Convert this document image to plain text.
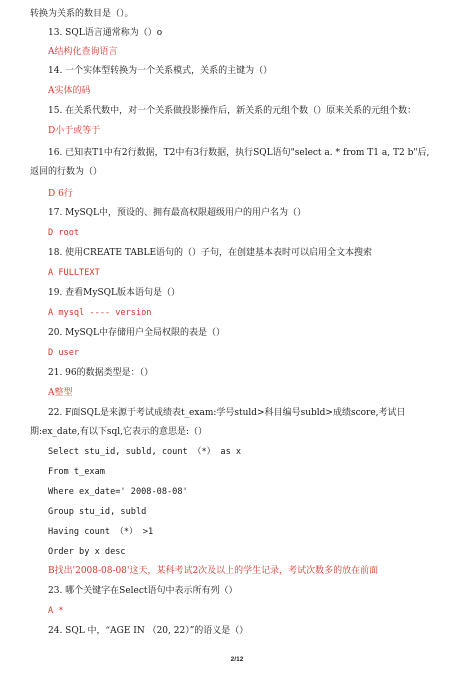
转换为关系的数目是（）。
13. SQL语言通常称为（）o
A结构化查询语言
14. 一个实体型转换为一个关系模式，关系的主键为（）
A实体的码
15. 在关系代数中，对一个关系做投影操作后，新关系的元组个数（）原来关系的元组个数：
D小于或等于
16. 已知表T1中有2行数据，T2中有3行数据，执行SQL语句"select a. * from T1 a, T2 b"后,
返回的行数为（）
D 6行
17. MySQL中，预设的、拥有最高权限超级用户的用户名为（）
D root
18. 使用CREATE TABLE语句的（）子句，在创建基本表时可以启用全文本搜索
A FULLTEXT
19. 查看MySQL版本语句是（）
A mysql ---- version
20. MySQL中存储用户全局权限的表是（）
D user
21. 96的数据类型是：（）
A整型
22. F面SQL是来源于考试成绩表t_exam:学号stuld>科目编号subld>成绩score,考试日
期:ex_date,有以下sql,它表示的意思是:（）
Select stu_id, subld, count （*） as x
From t_exam
Where ex_date=' 2008-08-08'
Group stu_id, subld
Having count （*） >1
Order by x desc
B找出'2008-08-08'这天，某科考试2次及以上的学生记录，考试次数多的放在前面
23. 哪个关键字在Select语句中表示所有列（）
A *
24. SQL 中，“AGE IN （20, 22）”的语义是（）
2/12
